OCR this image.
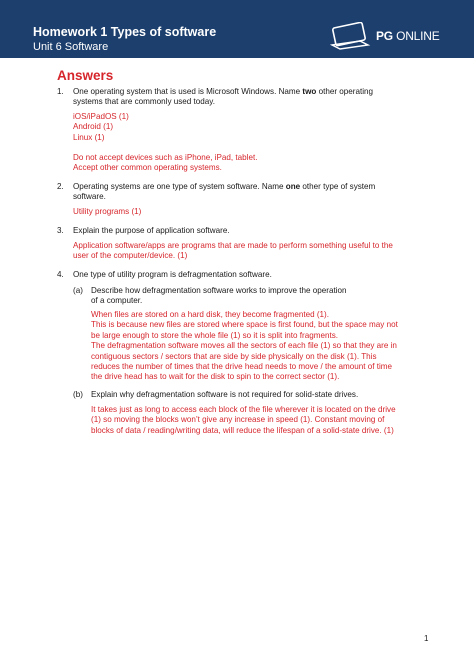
Homework 1 Types of software
Unit 6 Software
PG ONLINE
Answers
1. One operating system that is used is Microsoft Windows. Name two other operating
systems that are commonly used today.
iOS/iPadOS (1)
Android (1)
Linux (1)
Do not accept devices such as iPhone, iPad, tablet.
Accept other common operating systems.
2. Operating systems are one type of system software. Name one other type of system
software.
Utility programs (1)
3. Explain the purpose of application software.
Application software/apps are programs that are made to perform something useful to the
user of the computer/device. (1)
4. One type of utility program is defragmentation software.
(a) Describe how defragmentation software works to improve the operation
of a computer.
When files are stored on a hard disk, they become fragmented (1).
This is because new files are stored where space is first found, but the space may not
be large enough to store the whole file (1) so it is split into fragments.
The defragmentation software moves all the sectors of each file (1) so that they are in
contiguous sectors / sectors that are side by side physically on the disk (1). This
reduces the number of times that the drive head needs to move / the amount of time
the drive head has to wait for the disk to spin to the correct sector (1).
(b) Explain why defragmentation software is not required for solid-state drives.
It takes just as long to access each block of the file wherever it is located on the drive
(1) so moving the blocks won’t give any increase in speed (1). Constant moving of
blocks of data / reading/writing data, will reduce the lifespan of a solid-state drive. (1)
1
